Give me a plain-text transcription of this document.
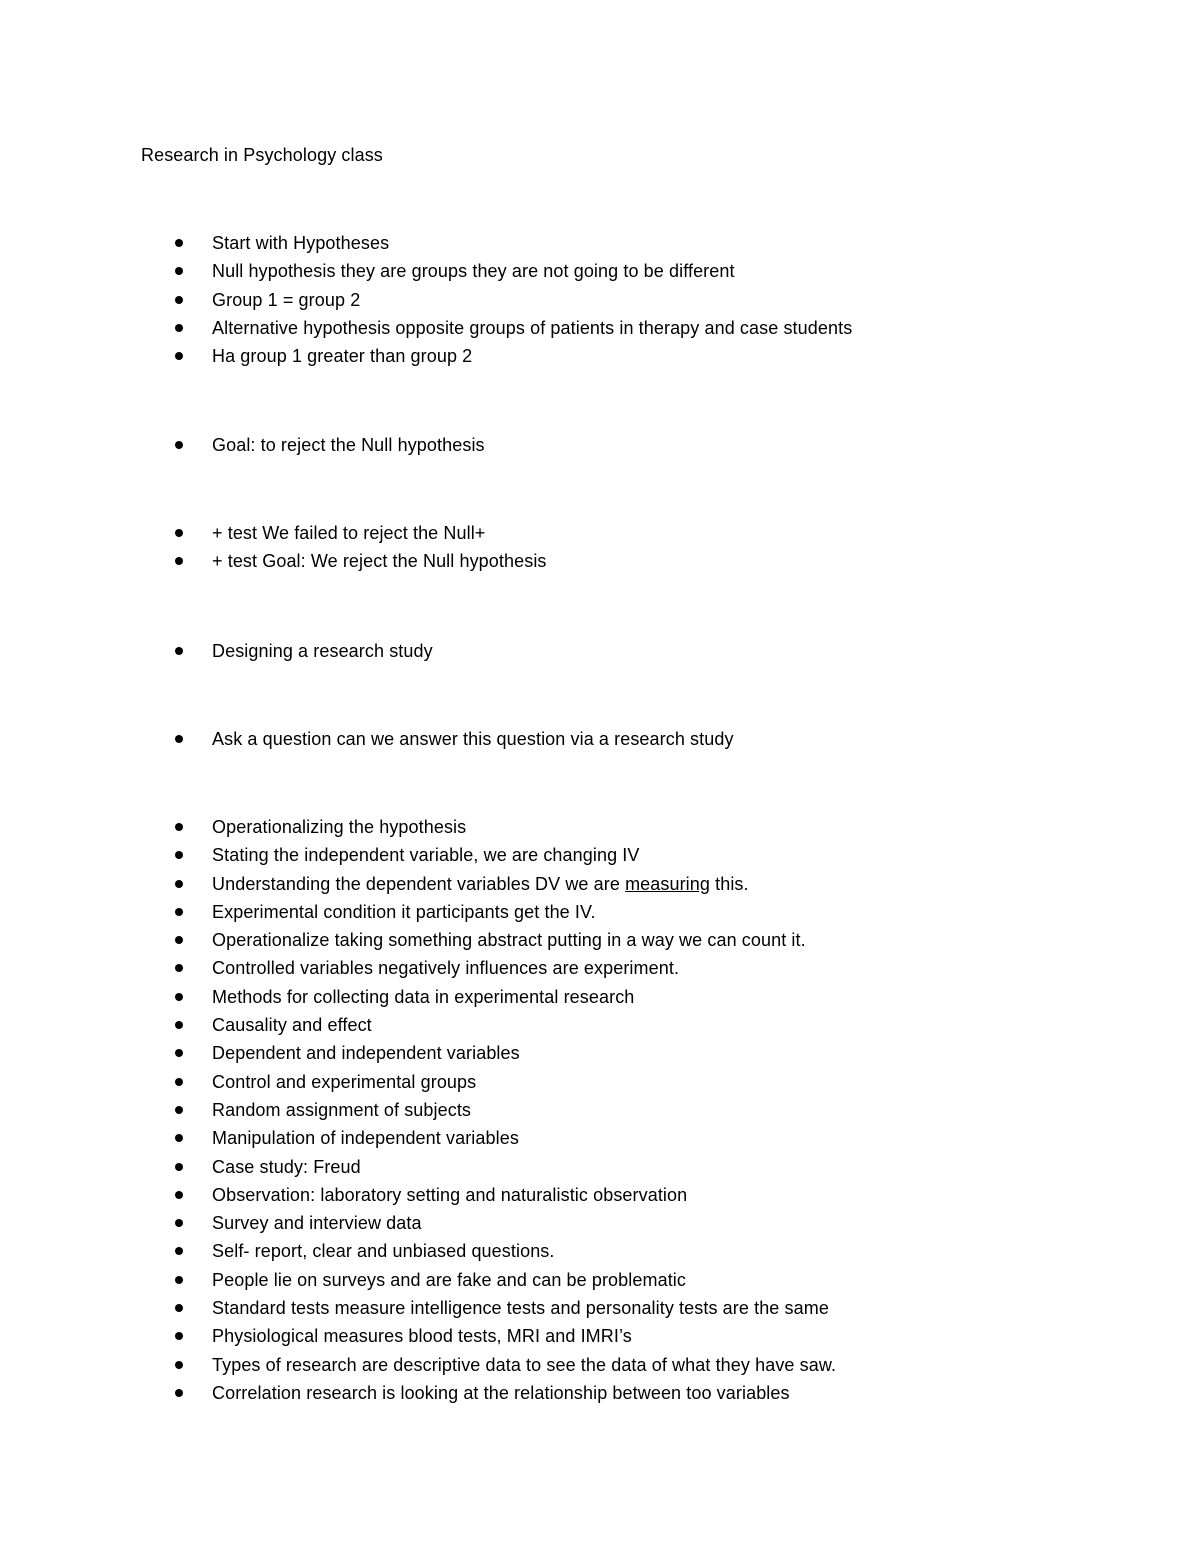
Research in Psychology class
Start with Hypotheses
Null hypothesis they are groups they are not going to be different
Group 1 = group 2
Alternative hypothesis opposite groups of patients in therapy and case students
Ha group 1 greater than group 2
Goal: to reject the Null hypothesis
+ test We failed to reject the Null+
+ test Goal: We reject the Null hypothesis
Designing a research study
Ask a question can we answer this question via a research study
Operationalizing the hypothesis
Stating the independent variable, we are changing IV
Understanding the dependent variables DV we are measuring this.
Experimental condition it participants get the IV.
Operationalize taking something abstract putting in a way we can count it.
Controlled variables negatively influences are experiment.
Methods for collecting data in experimental research
Causality and effect
Dependent and independent variables
Control and experimental groups
Random assignment of subjects
Manipulation of independent variables
Case study: Freud
Observation: laboratory setting and naturalistic observation
Survey and interview data
Self- report, clear and unbiased questions.
People lie on surveys and are fake and can be problematic
Standard tests measure intelligence tests and personality tests are the same
Physiological measures blood tests, MRI and IMRI’s
Types of research are descriptive data to see the data of what they have saw.
Correlation research is looking at the relationship between too variables
